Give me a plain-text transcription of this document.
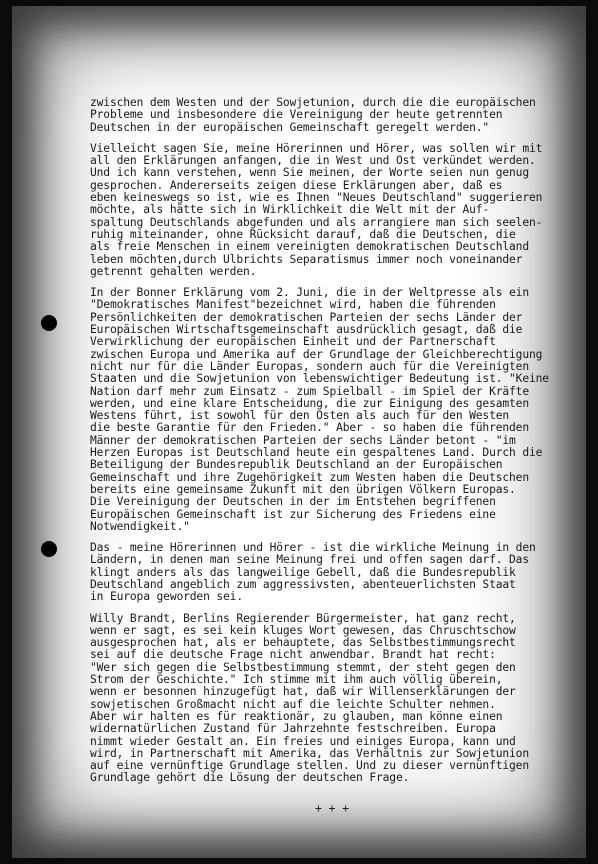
zwischen dem Westen und der Sowjetunion, durch die die europäischen
Probleme und insbesondere die Vereinigung der heute getrennten
Deutschen in der europäischen Gemeinschaft geregelt werden."
Vielleicht sagen Sie, meine Hörerinnen und Hörer, was sollen wir mit
all den Erklärungen anfangen, die in West und Ost verkündet werden.
Und ich kann verstehen, wenn Sie meinen, der Worte seien nun genug
gesprochen. Andererseits zeigen diese Erklärungen aber, daß es
eben keineswegs so ist, wie es Ihnen "Neues Deutschland" suggerieren
möchte, als hätte sich in Wirklichkeit die Welt mit der Auf-
spaltung Deutschlands abgefunden und als arrangiere man sich seelen-
ruhig miteinander, ohne Rücksicht darauf, daß die Deutschen, die
als freie Menschen in einem vereinigten demokratischen Deutschland
leben möchten,durch Ulbrichts Separatismus immer noch voneinander
getrennt gehalten werden.
In der Bonner Erklärung vom 2. Juni, die in der Weltpresse als ein
"Demokratisches Manifest"bezeichnet wird, haben die führenden
Persönlichkeiten der demokratischen Parteien der sechs Länder der
Europäischen Wirtschaftsgemeinschaft ausdrücklich gesagt, daß die
Verwirklichung der europäischen Einheit und der Partnerschaft
zwischen Europa und Amerika auf der Grundlage der Gleichberechtigung
nicht nur für die Länder Europas, sondern auch für die Vereinigten
Staaten und die Sowjetunion von lebenswichtiger Bedeutung ist. "Keine
Nation darf mehr zum Einsatz - zum Spielball - im Spiel der Kräfte
werden, und eine klare Entscheidung, die zur Einigung des gesamten
Westens führt, ist sowohl für den Osten als auch für den Westen
die beste Garantie für den Frieden." Aber - so haben die führenden
Männer der demokratischen Parteien der sechs Länder betont - "im
Herzen Europas ist Deutschland heute ein gespaltenes Land. Durch die
Beteiligung der Bundesrepublik Deutschland an der Europäischen
Gemeinschaft und ihre Zugehörigkeit zum Westen haben die Deutschen
bereits eine gemeinsame Zukunft mit den übrigen Völkern Europas.
Die Vereinigung der Deutschen in der im Entstehen begriffenen
Europäischen Gemeinschaft ist zur Sicherung des Friedens eine
Notwendigkeit."
Das - meine Hörerinnen und Hörer - ist die wirkliche Meinung in den
Ländern, in denen man seine Meinung frei und offen sagen darf. Das
klingt anders als das langweilige Gebell, daß die Bundesrepublik
Deutschland angeblich zum aggressivsten, abenteuerlichsten Staat
in Europa geworden sei.
Willy Brandt, Berlins Regierender Bürgermeister, hat ganz recht,
wenn er sagt, es sei kein kluges Wort gewesen, das Chruschtschow
ausgesprochen hat, als er behauptete, das Selbstbestimmungsrecht
sei auf die deutsche Frage nicht anwendbar. Brandt hat recht:
"Wer sich gegen die Selbstbestimmung stemmt, der steht gegen den
Strom der Geschichte." Ich stimme mit ihm auch völlig überein,
wenn er besonnen hinzugefügt hat, daß wir Willenserklärungen der
sowjetischen Großmacht nicht auf die leichte Schulter nehmen.
Aber wir halten es für reaktionär, zu glauben, man könne einen
widernatürlichen Zustand für Jahrzehnte festschreiben. Europa
nimmt wieder Gestalt an. Ein freies und einiges Europa, kann und
wird, in Partnerschaft mit Amerika, das Verhältnis zur Sowjetunion
auf eine vernünftige Grundlage stellen. Und zu dieser vernünftigen
Grundlage gehört die Lösung der deutschen Frage.
+ + +
